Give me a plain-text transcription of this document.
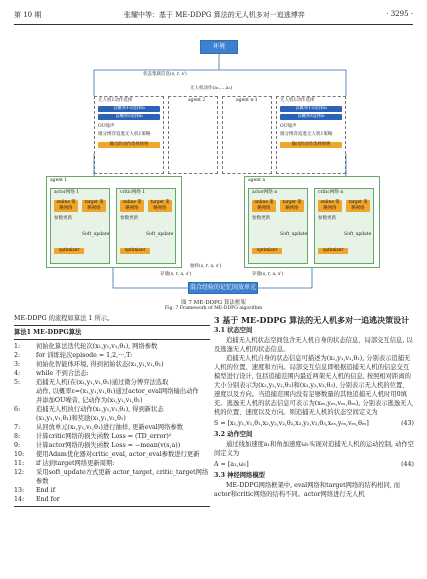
第 10 期	张耀中等：基于 ME-DDPG 算法的无人机多对一追逃博弈	· 3295 ·
环境
状态集联信息(s, r, s')
无人机动作(a₁,...,aₙ)
无人机1动作选择
以概率1-ε选择aₜ
以概率ε选择aₜ
OU噪声
微分博弈追逃无人机1策略
输出的动作选择规则
无人机1动作选择
以概率1-ε选择aₜ
以概率ε选择aₜ
OU噪声
微分博弈追逃无人机1策略
输出的动作选择规则
agent 2	agent n-1
agent 1
actor网络 1	critic网络 1
online 策略网络
target 策略网络
参数更新
Soft_update
optimizer
online 策略网络
target 策略网络
参数更新
Soft_update
optimizer
agent n
actor网络 n	critic网络 n
online 策略网络
target 策略网络
参数更新
Soft_update
optimizer
online 策略网络
target 策略网络
参数更新
Soft_update
optimizer
存储(s, r, a, s')
抽样(s, r, a, s')
存储(s, r, a, s')
混合经验的记忆回放单元(2)
图 7 ME-DDPG 算法框架
Fig. 7 Framework of ME-DDPG algorithm
ME-DDPG 的流程如算法 1 所示。
算法1 ME-DDPG算法
1:	初始化算法迭代轮次(x₁,y₁,v₁,θ₁), 网络参数
2:	for 训练轮次episode = 1,2,···,T:
3:	初始化智能体环境, 得到初始状态(x₁,y₁,v₁,θ₁)
4:	while 不到合法态:
5:	追捕无人机(在(x₁,y₁,v₁,θ₁)通过微分博弈法选取
动作, 以概率ε=(x₁,y₁,v₁,θ₁)通过actor_eval网络输出动作
并添加OU噪音, 记动作为(x₁,y₁,v₁,θ₁)
6:	追捕无人机执行动作(x₁,y₁,v₁,θ₁), 得到新状态
(x₁,y₁,v₁,θ₁)和奖励(x₁,y₁,v₁,θ₁)
7:	从回放单元(x₁,y₁,v₁,θ₁)进行抽样, 更新eval网络参数
8:	计算critic网络的损失函数 Loss = (TD_error)²
9:	计算actor网络的损失函数 Loss = −mean(v(s,a))
10:	使用Adam优化器对critic_eval, actor_eval参数进行更新
11:	if 达到target网络更新周期:
12:	采用soft_update方式更新 actor_target, critic_target网络参数
13:	End if
14:	End for
3 基于 ME-DDPG 算法的无人机多对一追逃决策设计
3.1 状态空间

追捕无人机状态空间包含无人机自身的状态信息、局部交互信息, 以及逃逸无人机的状态信息。

追捕无人机自身的状态信息可描述为(x₁,y₁,v₁,θ₁), 分别表示追捕无人机的位置、速度和方向。局部交互信息即根据追捕无人机的信息交互模型进行设计, 包括追捕范围内最近两架无人机的信息, 按照相对距离的大小分别表示为(x₂,y₂,v₂,θ₂)和(x₃,y₃,v₃,θ₃), 分别表示无人机的位置、速度以及方向。当追捕范围内没有足够数量的其他追捕无人机时用0填充。逃逸无人机的状态信息可表示为(xₑₛ,yₑₛ,vₑₛ,θₑₛ), 分别表示逃逸无人机的位置、速度以及方向。则追捕无人机的状态空间定义为

S = [x₁,y₁,v₁,θ₁,x₂,y₂,v₂,θ₂,x₃,y₃,v₃,θ₃,xₑₛ,yₑₛ,vₑₛ,θₑₛ]	(43)
3.2 动作空间

通过线加速度a₁和角加速度ω₁实现对追捕无人机的运动控制, 动作空间定义为

A = [a₁,ω₁]	(44)
3.3 神经网络模型

ME-DDPG网络框架中, eval网络和target网络的结构相同, 而actor和critic网络的结构不同。actor网络进行无人机
